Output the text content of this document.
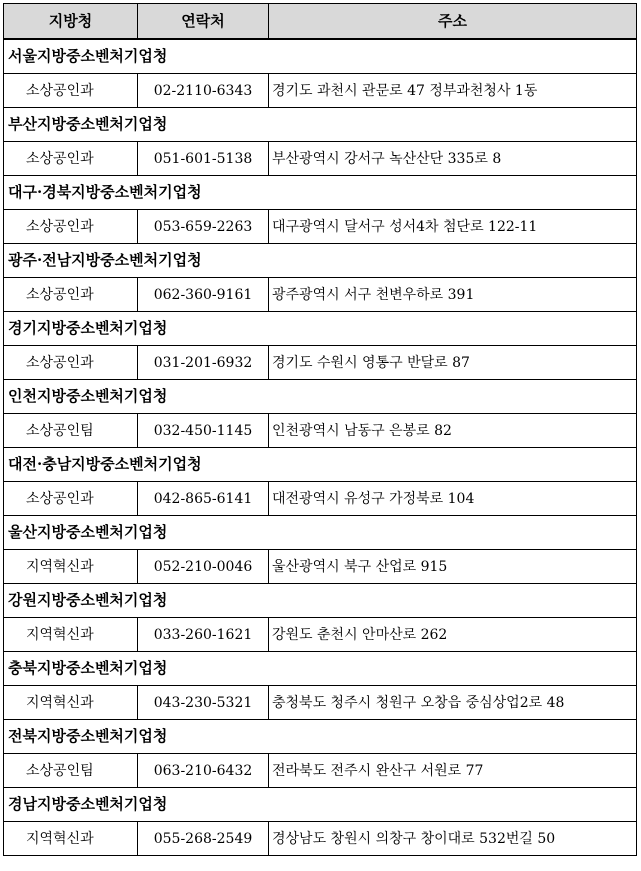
지방청	연락처	주소
서울지방중소벤처기업청		
소상공인과	02-2110-6343	경기도 과천시 관문로 47 정부과천청사 1동
부산지방중소벤처기업청		
소상공인과	051-601-5138	부산광역시 강서구 녹산산단 335로 8
대구·경북지방중소벤처기업청		
소상공인과	053-659-2263	대구광역시 달서구 성서4차 첨단로 122-11
광주·전남지방중소벤처기업청		
소상공인과	062-360-9161	광주광역시 서구 천변우하로 391
경기지방중소벤처기업청		
소상공인과	031-201-6932	경기도 수원시 영통구 반달로 87
인천지방중소벤처기업청		
소상공인팀	032-450-1145	인천광역시 남동구 은봉로 82
대전·충남지방중소벤처기업청		
소상공인과	042-865-6141	대전광역시 유성구 가정북로 104
울산지방중소벤처기업청		
지역혁신과	052-210-0046	울산광역시 북구 산업로 915
강원지방중소벤처기업청		
지역혁신과	033-260-1621	강원도 춘천시 안마산로 262
충북지방중소벤처기업청		
지역혁신과	043-230-5321	충청북도 청주시 청원구 오창읍 중심상업2로 48
전북지방중소벤처기업청		
소상공인팀	063-210-6432	전라북도 전주시 완산구 서원로 77
경남지방중소벤처기업청		
지역혁신과	055-268-2549	경상남도 창원시 의창구 창이대로 532번길 50
